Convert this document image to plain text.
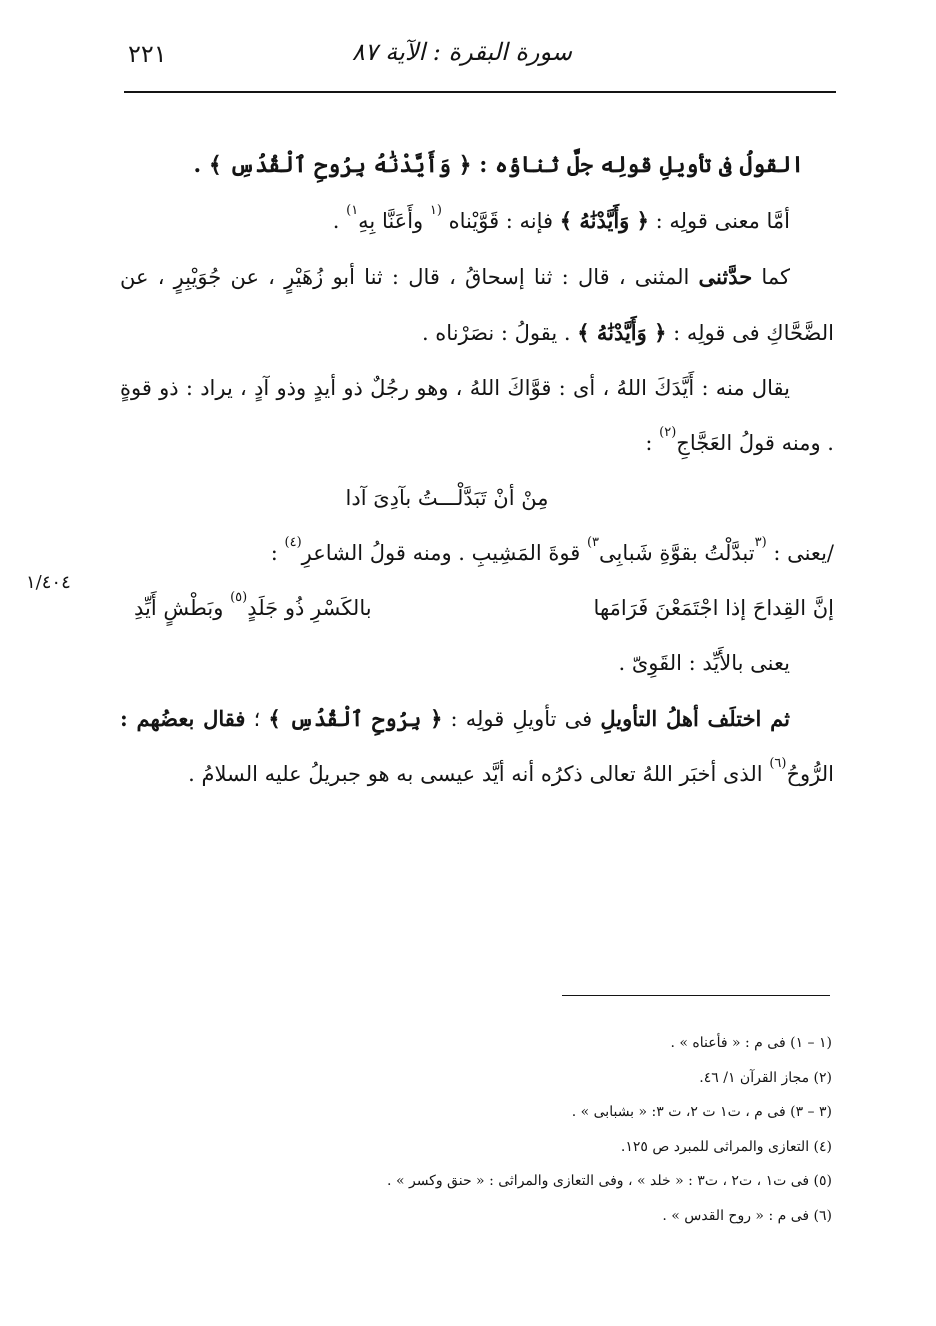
٢٢١	سورة البقرة : الآية ٨٧
١/٤٠٤

القولُ فى تأويلِ قولِه جلَّ ثناؤه : ﴿ وَأَيَّدْنَٰهُ بِرُوحِ ٱلْقُدُسِ ﴾ .

أمَّا معنى قولِه : ﴿ وَأَيَّدْنَٰهُ ﴾ فإنه : قَوَّيْناه $^{(١}$ وأَعَنَّا بِهِ$^{١)}$ .

كما حدَّثنى المثنى ، قال : ثنا إسحاقُ ، قال : ثنا أبو زُهَيْرٍ ، عن جُوَيْبِرٍ ، عن الضَّحَّاكِ فى قولِه : ﴿ وَأَيَّدْنَٰهُ ﴾ . يقولُ : نصَرْناه .

يقال منه : أَيَّدَكَ اللهُ ، أى : قوَّاكَ اللهُ ، وهو رجُلٌ ذو أيدٍ وذو آدٍ ، يراد : ذو قوةٍ . ومنه قولُ العَجَّاجِ$^{(٢)}$ :

مِنْ أنْ تَبَدَّلْـــتُ بآدِىَ آدا

/يعنى : $^{(٣}$تبدَّلْتُ بقوَّةِ شَبابِى$^{٣)}$ قوةَ المَشِيبِ . ومنه قولُ الشاعرِ$^{(٤)}$ :

إنَّ القِداحَ إذا اجْتَمَعْنَ فَرَامَها
بالكَسْرِ ذُو جَلَدٍ$^{(٥)}$ وبَطْشٍ أَيِّدِ

يعنى بالأَيِّد : القَوِىّ .

ثم اختلَف أهلُ التأويلِ فى تأويلِ قولِه : ﴿ بِرُوحِ ٱلْقُدُسِ ﴾ ؛ فقال بعضُهم : الرُّوحُ$^{(٦)}$ الذى أخبَر اللهُ تعالى ذكرُه أنه أيَّد عيسى به هو جبريلُ عليه السلامُ .

(١ – ١) فى م : « فأعناه » .
(٢) مجاز القرآن ١/ ٤٦.
(٣ – ٣) فى م ، ت١ ت ٢، ت ٣: « بشبابى » .
(٤) التعازى والمراثى للمبرد ص ١٢٥.
(٥) فى ت١ ، ت٢ ، ت٣ : « خلد » ، وفى التعازى والمراثى : « حنق وكسر » .
(٦) فى م : « روح القدس » .
